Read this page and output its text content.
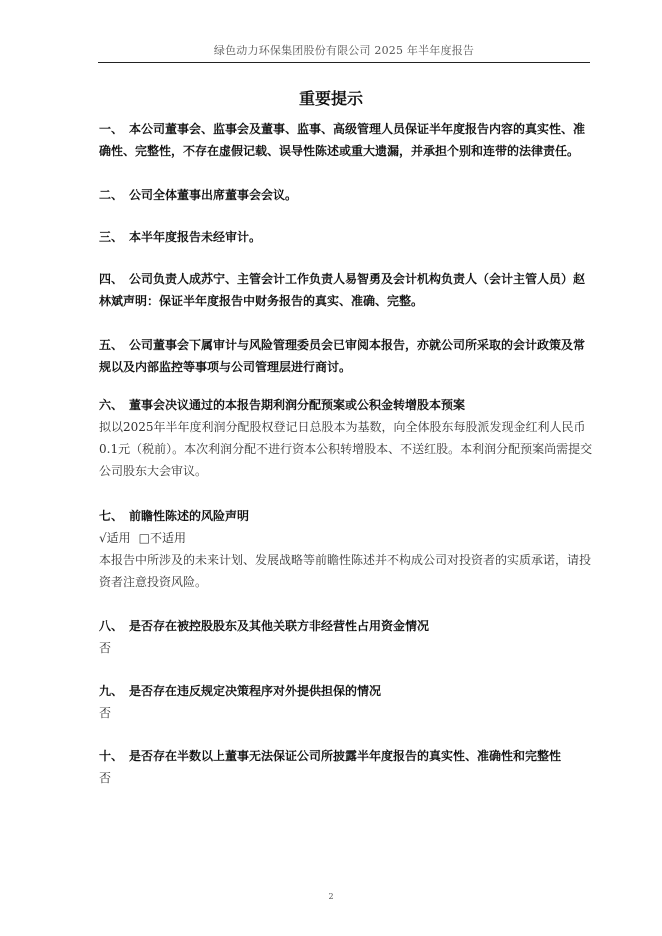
绿色动力环保集团股份有限公司 2025 年半年度报告
重要提示
一、 本公司董事会、监事会及董事、监事、高级管理人员保证半年度报告内容的真实性、准确性、完整性，不存在虚假记载、误导性陈述或重大遗漏，并承担个别和连带的法律责任。
二、 公司全体董事出席董事会会议。
三、 本半年度报告未经审计。
四、 公司负责人成苏宁、主管会计工作负责人易智勇及会计机构负责人（会计主管人员）赵林斌声明：保证半年度报告中财务报告的真实、准确、完整。
五、 公司董事会下属审计与风险管理委员会已审阅本报告，亦就公司所采取的会计政策及常规以及内部监控等事项与公司管理层进行商讨。
六、 董事会决议通过的本报告期利润分配预案或公积金转增股本预案
拟以2025年半年度利润分配股权登记日总股本为基数，向全体股东每股派发现金红利人民币0.1元（税前）。本次利润分配不进行资本公积转增股本、不送红股。本利润分配预案尚需提交公司股东大会审议。
七、 前瞻性陈述的风险声明
√适用 □不适用
本报告中所涉及的未来计划、发展战略等前瞻性陈述并不构成公司对投资者的实质承诺，请投资者注意投资风险。
八、 是否存在被控股股东及其他关联方非经营性占用资金情况
否
九、 是否存在违反规定决策程序对外提供担保的情况
否
十、 是否存在半数以上董事无法保证公司所披露半年度报告的真实性、准确性和完整性
否
2
